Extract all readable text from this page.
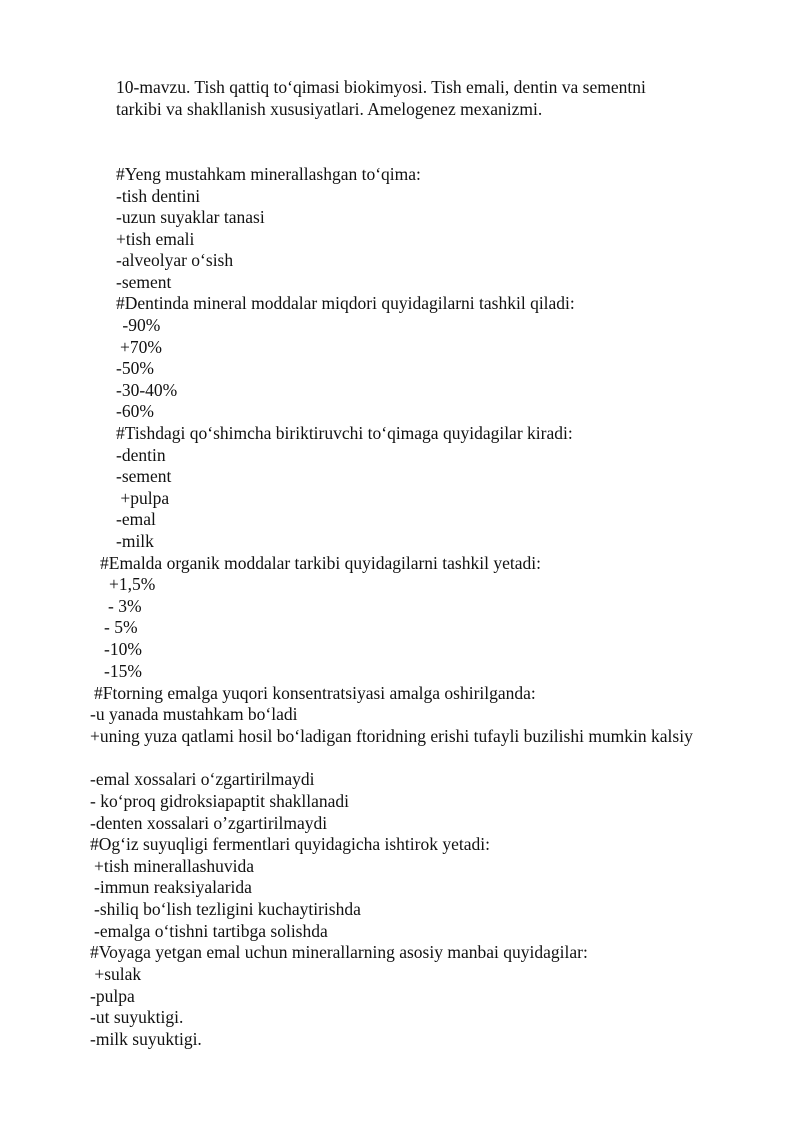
10-mavzu. Tish qattiq to‘qimasi biokimyosi. Tish emali, dentin va sementni
tarkibi va shakllanish xususiyatlari. Amelogenez mexanizmi.
#Yeng mustahkam minerallashgan to‘qima:
-tish dentini
-uzun suyaklar tanasi
+tish emali
-alveolyar o‘sish
-sement
#Dentinda mineral moddalar miqdori quyidagilarni tashkil qiladi:
-90%
+70%
-50%
-30-40%
-60%
#Tishdagi qo‘shimcha biriktiruvchi to‘qimaga quyidagilar kiradi:
-dentin
-sement
+pulpa
-emal
-milk
#Emalda organik moddalar tarkibi quyidagilarni tashkil yetadi:
+1,5%
- 3%
- 5%
-10%
-15%
#Ftorning emalga yuqori konsentratsiyasi amalga oshirilganda:
-u yanada mustahkam bo‘ladi
+uning yuza qatlami hosil bo‘ladigan ftoridning erishi tufayli buzilishi mumkin kalsiy
-emal xossalari o‘zgartirilmaydi
- ko‘proq gidroksiapaptit shakllanadi
-denten xossalari o’zgartirilmaydi
#Og‘iz suyuqligi fermentlari quyidagicha ishtirok yetadi:
+tish minerallashuvida
-immun reaksiyalarida
-shiliq bo‘lish tezligini kuchaytirishda
-emalga o‘tishni tartibga solishda
#Voyaga yetgan emal uchun minerallarning asosiy manbai quyidagilar:
+sulak
-pulpa
-ut suyuktigi.
-milk suyuktigi.
